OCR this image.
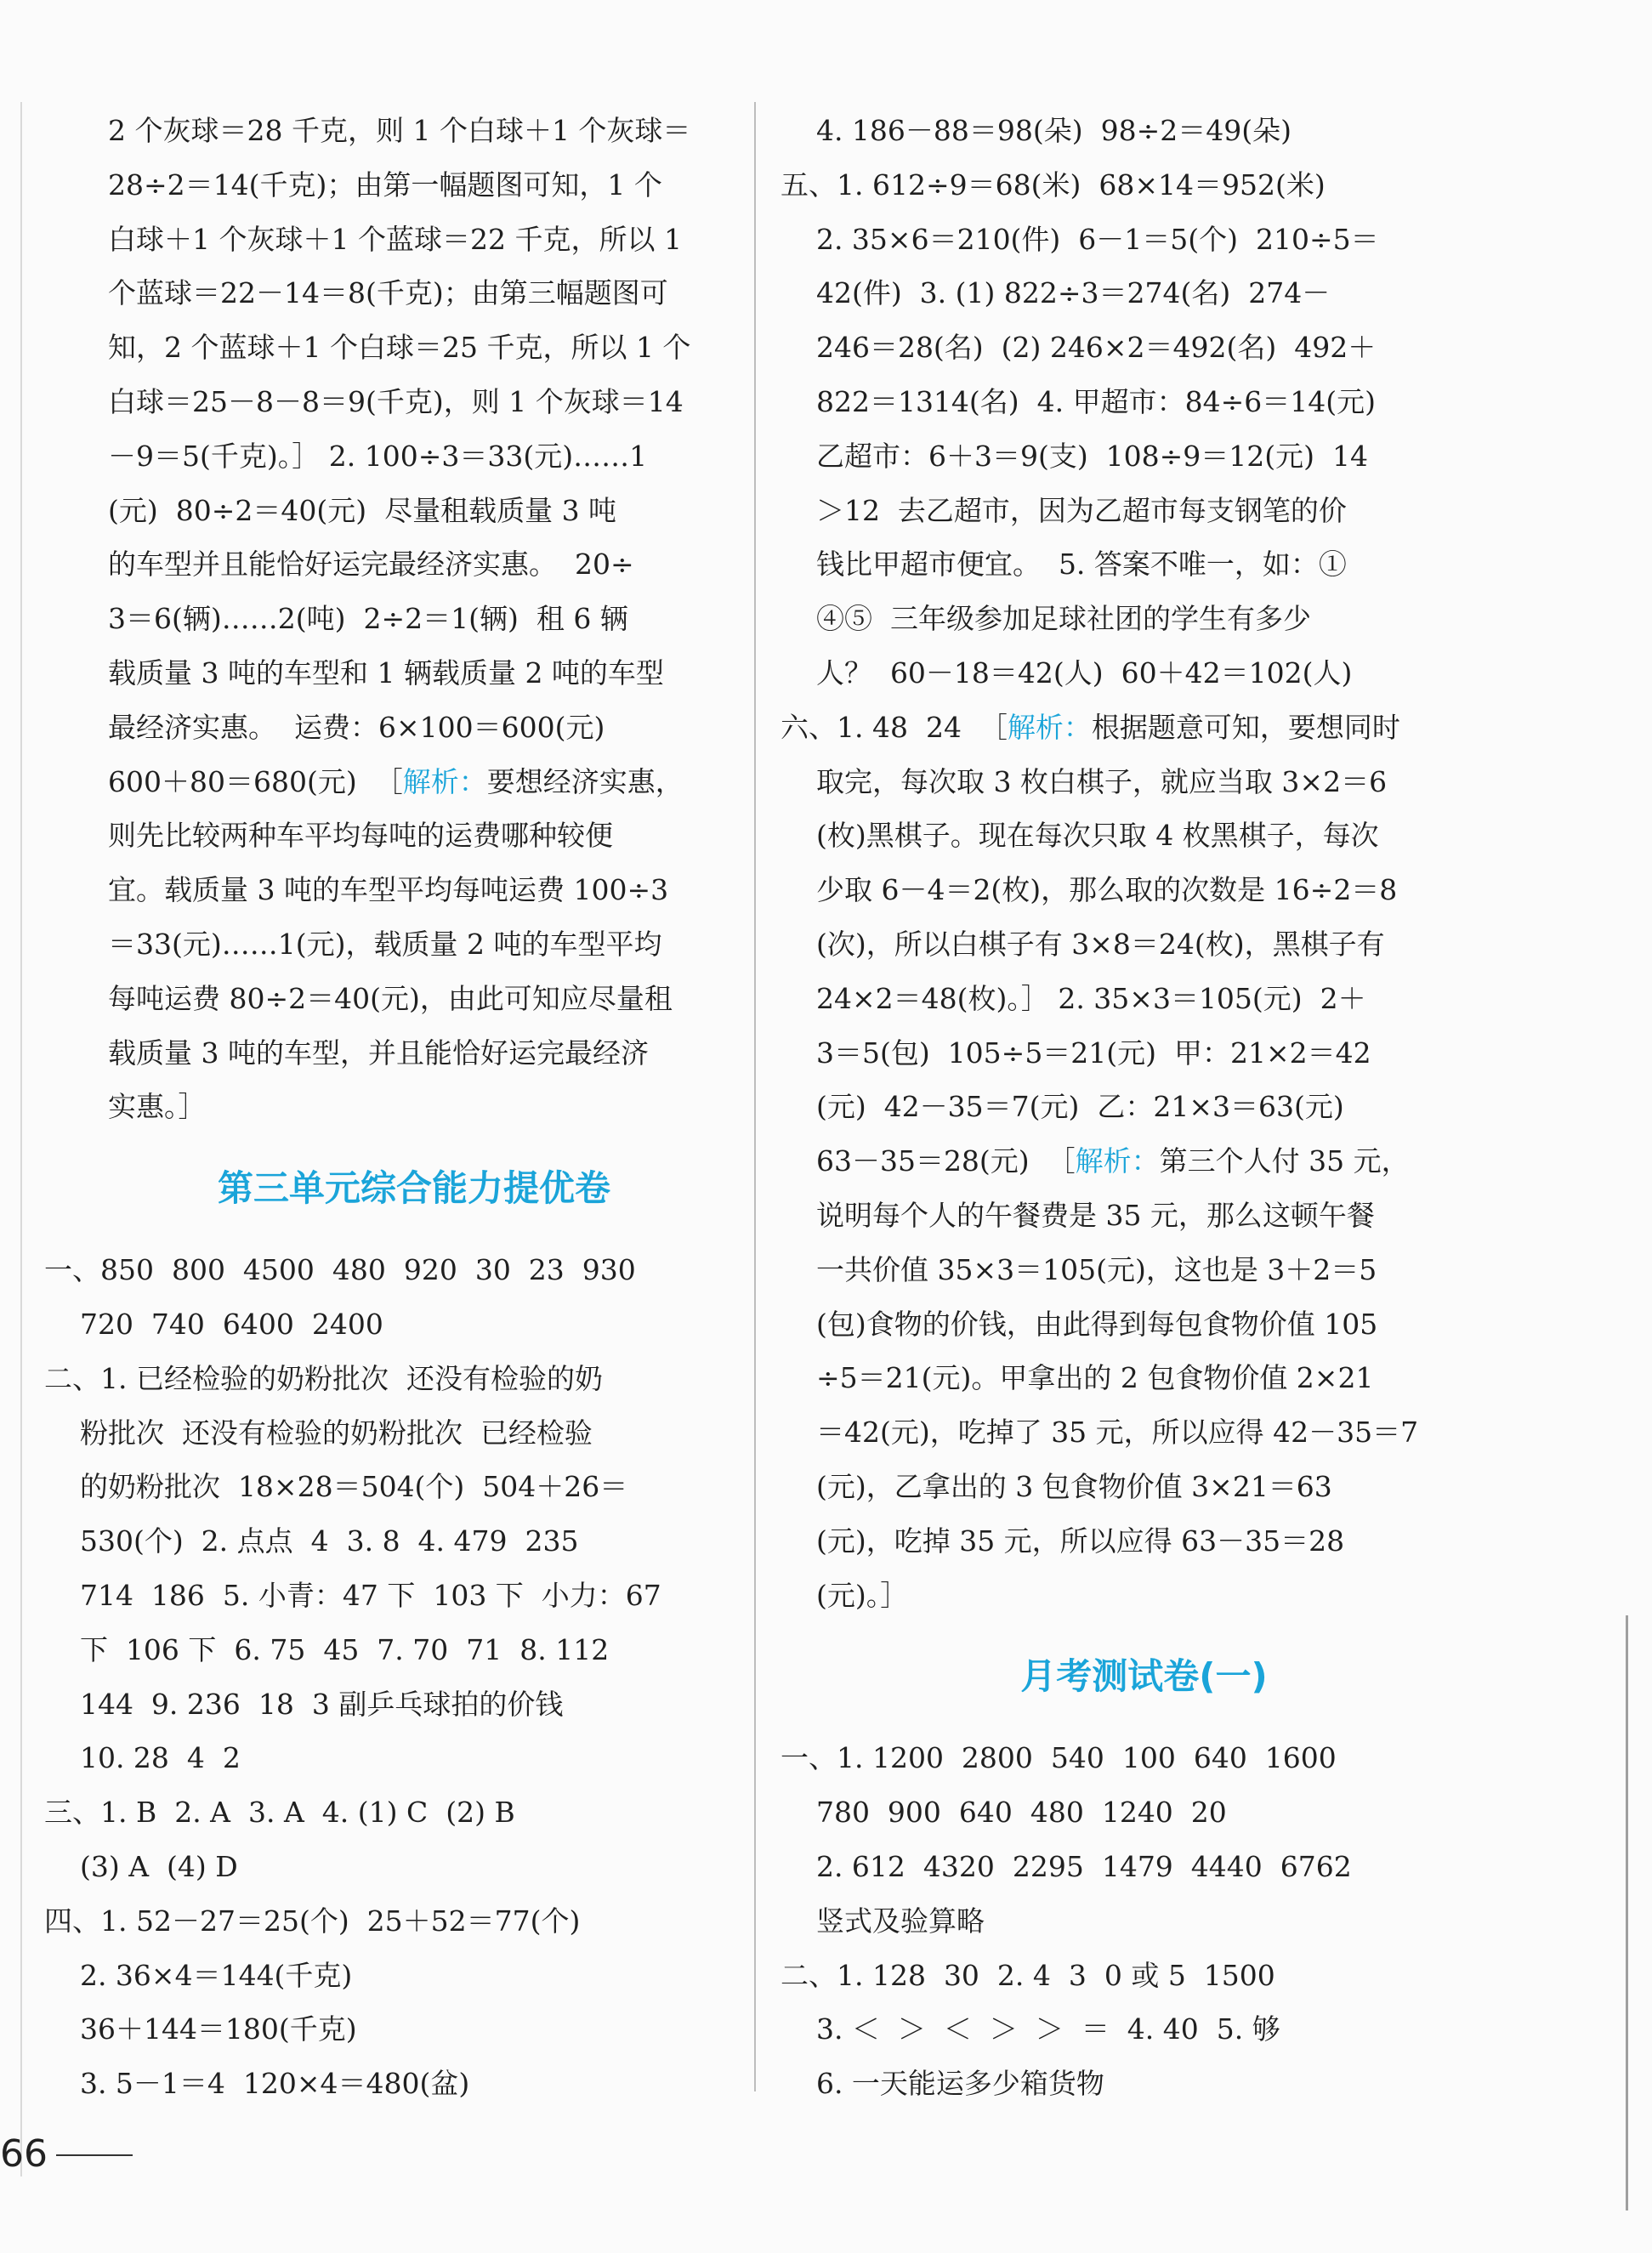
2 个灰球＝28 千克，则 1 个白球＋1 个灰球＝
28÷2＝14(千克)；由第一幅题图可知，1 个
白球＋1 个灰球＋1 个蓝球＝22 千克，所以 1
个蓝球＝22－14＝8(千克)；由第三幅题图可
知，2 个蓝球＋1 个白球＝25 千克，所以 1 个
白球＝25－8－8＝9(千克)，则 1 个灰球＝14
－9＝5(千克)。］ 2. 100÷3＝33(元)……1
(元)  80÷2＝40(元)  尽量租载质量 3 吨
的车型并且能恰好运完最经济实惠。  20÷
3＝6(辆)……2(吨)  2÷2＝1(辆)  租 6 辆
载质量 3 吨的车型和 1 辆载质量 2 吨的车型
最经济实惠。  运费：6×100＝600(元)
600＋80＝680(元)  ［解析：要想经济实惠，
则先比较两种车平均每吨的运费哪种较便
宜。载质量 3 吨的车型平均每吨运费 100÷3
＝33(元)……1(元)，载质量 2 吨的车型平均
每吨运费 80÷2＝40(元)，由此可知应尽量租
载质量 3 吨的车型，并且能恰好运完最经济
实惠。］
第三单元综合能力提优卷
一、850  800  4500  480  920  30  23  930
720  740  6400  2400
二、1. 已经检验的奶粉批次  还没有检验的奶
粉批次  还没有检验的奶粉批次  已经检验
的奶粉批次  18×28＝504(个)  504＋26＝
530(个)  2. 点点  4  3. 8  4. 479  235
714  186  5. 小青：47 下  103 下  小力：67
下  106 下  6. 75  45  7. 70  71  8. 112
144  9. 236  18  3 副乒乓球拍的价钱
10. 28  4  2
三、1. B  2. A  3. A  4. (1) C  (2) B
(3) A  (4) D
四、1. 52－27＝25(个)  25＋52＝77(个)
2. 36×4＝144(千克)
36＋144＝180(千克)
3. 5－1＝4  120×4＝480(盆)
4. 186－88＝98(朵)  98÷2＝49(朵)
五、1. 612÷9＝68(米)  68×14＝952(米)
2. 35×6＝210(件)  6－1＝5(个)  210÷5＝
42(件)  3. (1) 822÷3＝274(名)  274－
246＝28(名)  (2) 246×2＝492(名)  492＋
822＝1314(名)  4. 甲超市：84÷6＝14(元)
乙超市：6＋3＝9(支)  108÷9＝12(元)  14
＞12  去乙超市，因为乙超市每支钢笔的价
钱比甲超市便宜。  5. 答案不唯一，如：①
④⑤  三年级参加足球社团的学生有多少
人？  60－18＝42(人)  60＋42＝102(人)
六、1. 48  24  ［解析：根据题意可知，要想同时
取完，每次取 3 枚白棋子，就应当取 3×2＝6
(枚)黑棋子。现在每次只取 4 枚黑棋子，每次
少取 6－4＝2(枚)，那么取的次数是 16÷2＝8
(次)，所以白棋子有 3×8＝24(枚)，黑棋子有
24×2＝48(枚)。］ 2. 35×3＝105(元)  2＋
3＝5(包)  105÷5＝21(元)  甲：21×2＝42
(元)  42－35＝7(元)  乙：21×3＝63(元)
63－35＝28(元)  ［解析：第三个人付 35 元，
说明每个人的午餐费是 35 元，那么这顿午餐
一共价值 35×3＝105(元)，这也是 3＋2＝5
(包)食物的价钱，由此得到每包食物价值 105
÷5＝21(元)。甲拿出的 2 包食物价值 2×21
＝42(元)，吃掉了 35 元，所以应得 42－35＝7
(元)，乙拿出的 3 包食物价值 3×21＝63
(元)，吃掉 35 元，所以应得 63－35＝28
(元)。］
月考测试卷(一)
一、1. 1200  2800  540  100  640  1600
780  900  640  480  1240  20
2. 612  4320  2295  1479  4440  6762
竖式及验算略
二、1. 128  30  2. 4  3  0 或 5  1500
3. ＜  ＞  ＜  ＞  ＞  ＝  4. 40  5. 够
6. 一天能运多少箱货物
66
